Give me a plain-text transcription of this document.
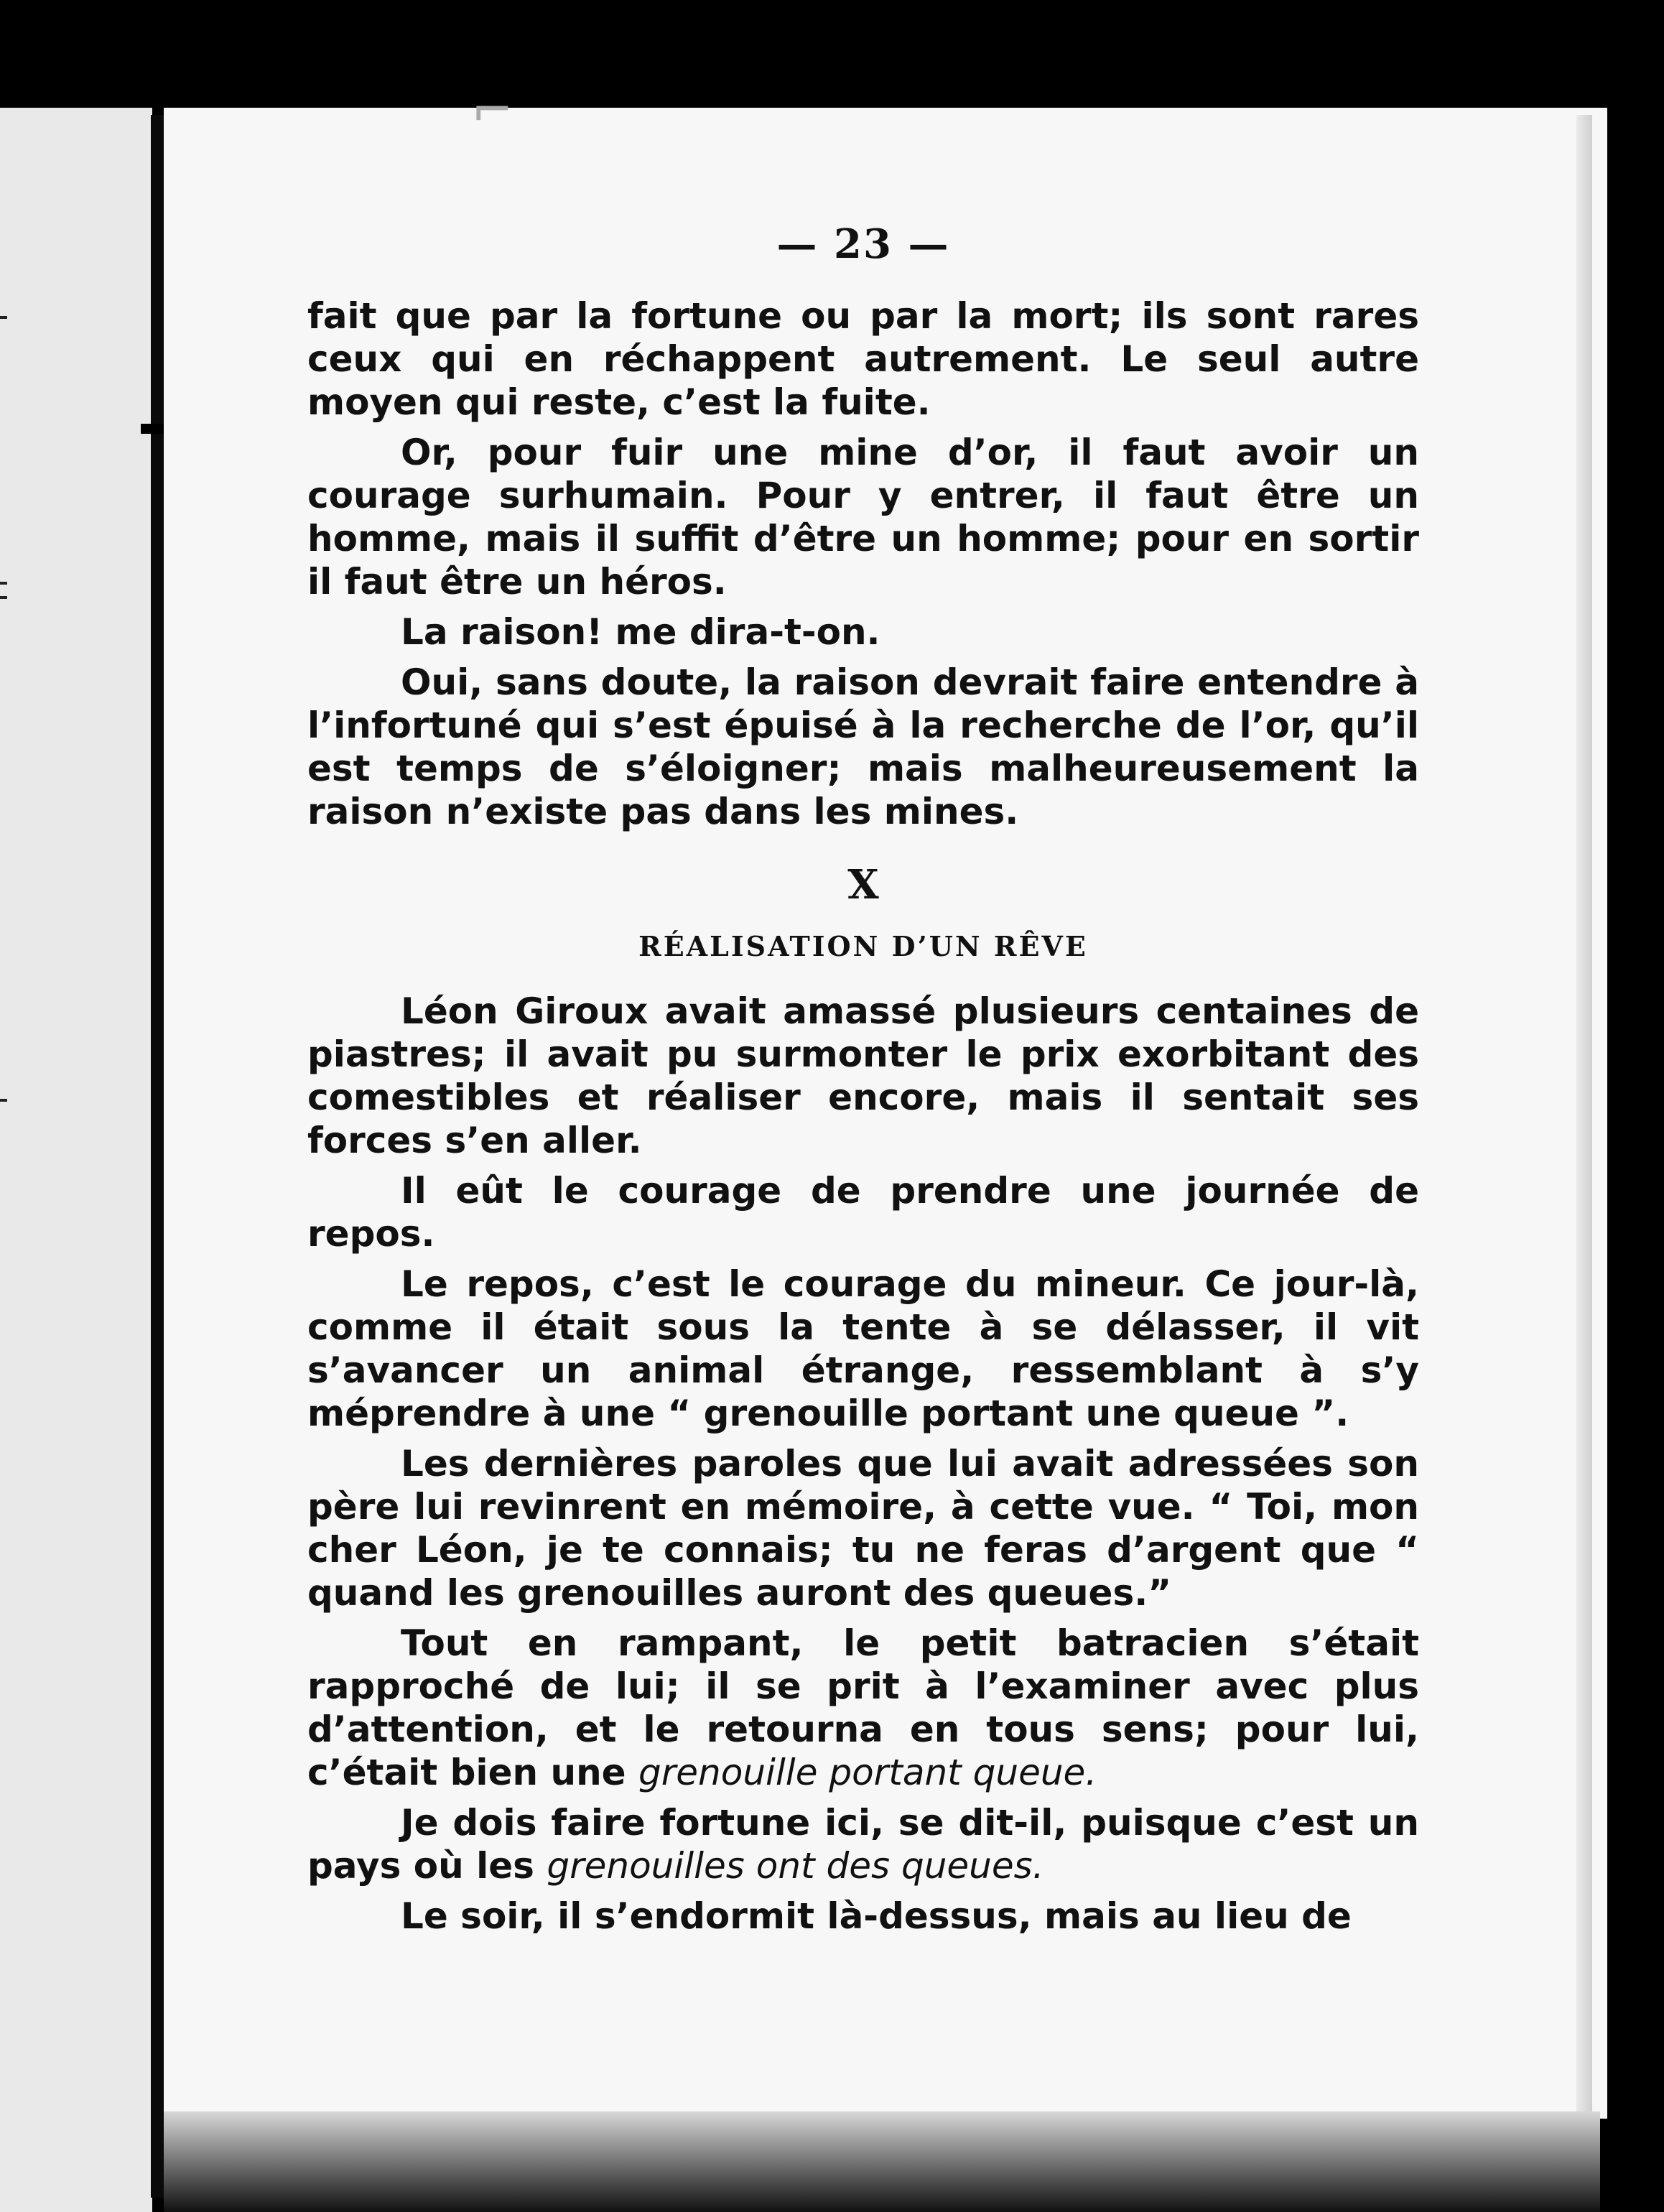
⌐
— 23 —

fait que par la fortune ou par la mort; ils sont rares ceux qui en réchappent autrement. Le seul autre moyen qui reste, c’est la fuite.

Or, pour fuir une mine d’or, il faut avoir un courage surhumain. Pour y entrer, il faut être un homme, mais il suffit d’être un homme; pour en sortir il faut être un héros.

La raison! me dira-t-on.

Oui, sans doute, la raison devrait faire entendre à l’infortuné qui s’est épuisé à la recherche de l’or, qu’il est temps de s’éloigner; mais malheureusement la raison n’existe pas dans les mines.

X
RÉALISATION D’UN RÊVE

Léon Giroux avait amassé plusieurs centaines de piastres; il avait pu surmonter le prix exorbitant des comestibles et réaliser encore, mais il sentait ses forces s’en aller.

Il eût le courage de prendre une journée de repos.

Le repos, c’est le courage du mineur. Ce jour-là, comme il était sous la tente à se délasser, il vit s’avancer un animal étrange, ressemblant à s’y méprendre à une “ grenouille portant une queue ”.

Les dernières paroles que lui avait adressées son père lui revinrent en mémoire, à cette vue. “ Toi, mon cher Léon, je te connais; tu ne feras d’argent que “ quand les grenouilles auront des queues.”

Tout en rampant, le petit batracien s’était rapproché de lui; il se prit à l’examiner avec plus d’attention, et le retourna en tous sens; pour lui, c’était bien une grenouille portant queue.

Je dois faire fortune ici, se dit-il, puisque c’est un pays où les grenouilles ont des queues.

Le soir, il s’endormit là-dessus, mais au lieu de
